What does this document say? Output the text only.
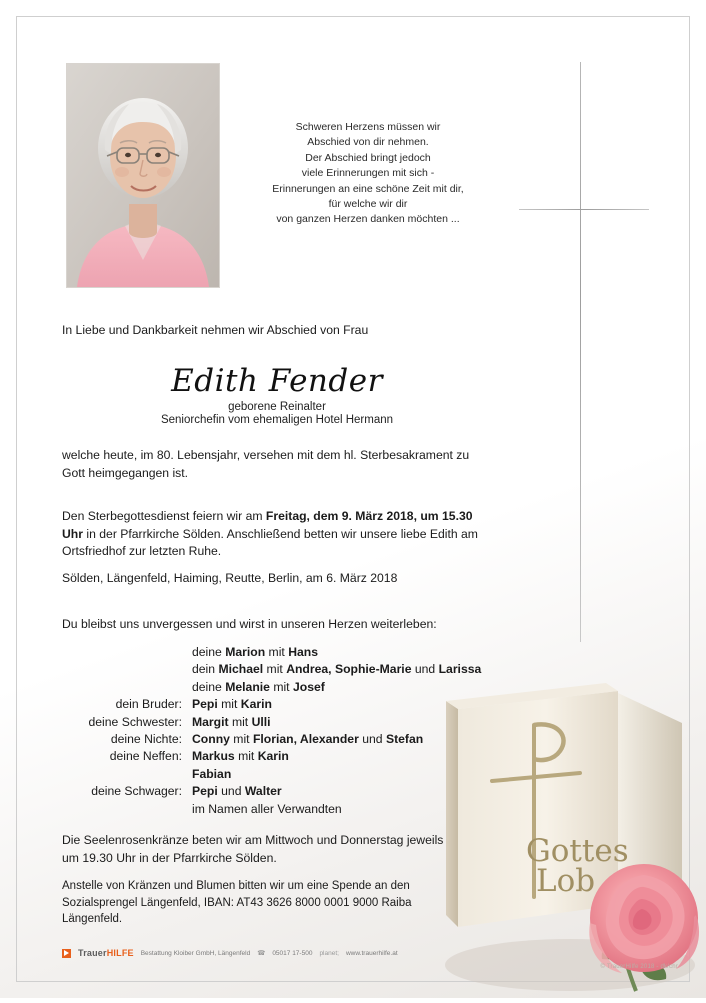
Schweren Herzens müssen wir
Abschied von dir nehmen.
Der Abschied bringt jedoch
viele Erinnerungen mit sich -
Erinnerungen an eine schöne Zeit mit dir,
für welche wir dir
von ganzen Herzen danken möchten ...
In Liebe und Dankbarkeit nehmen wir Abschied von Frau
Edith Fender
geborene Reinalter
Seniorchefin vom ehemaligen Hotel Hermann
welche heute, im 80. Lebensjahr, versehen mit dem hl. Sterbesakrament zu Gott heimgegangen ist.
Den Sterbegottesdienst feiern wir am Freitag, dem 9. März 2018, um 15.30 Uhr in der Pfarrkirche Sölden. Anschließend betten wir unsere liebe Edith am Ortsfriedhof zur letzten Ruhe.
Sölden, Längenfeld, Haiming, Reutte, Berlin, am 6. März 2018
Du bleibst uns unvergessen und wirst in unseren Herzen weiterleben:
deine Marion mit Hans
dein Michael mit Andrea, Sophie-Marie und Larissa
deine Melanie mit Josef
dein Bruder: Pepi mit Karin
deine Schwester: Margit mit Ulli
deine Nichte: Conny mit Florian, Alexander und Stefan
deine Neffen: Markus mit Karin
Fabian
deine Schwager: Pepi und Walter
im Namen aller Verwandten
Gottes
Lob
Die Seelenrosenkränze beten wir am Mittwoch und Donnerstag jeweils um 19.30 Uhr in der Pfarrkirche Sölden.
Anstelle von Kränzen und Blumen bitten wir um eine Spende an den Sozialsprengel Längenfeld, IBAN: AT43 3626 8000 0001 9000 Raiba Längenfeld.
TrauerHILFE Bestattung Kloiber GmbH, Längenfeld ☎ 05017 17-500 planet; www.trauerhilfe.at
© TrauerHilfe 2018 - dk/chr
